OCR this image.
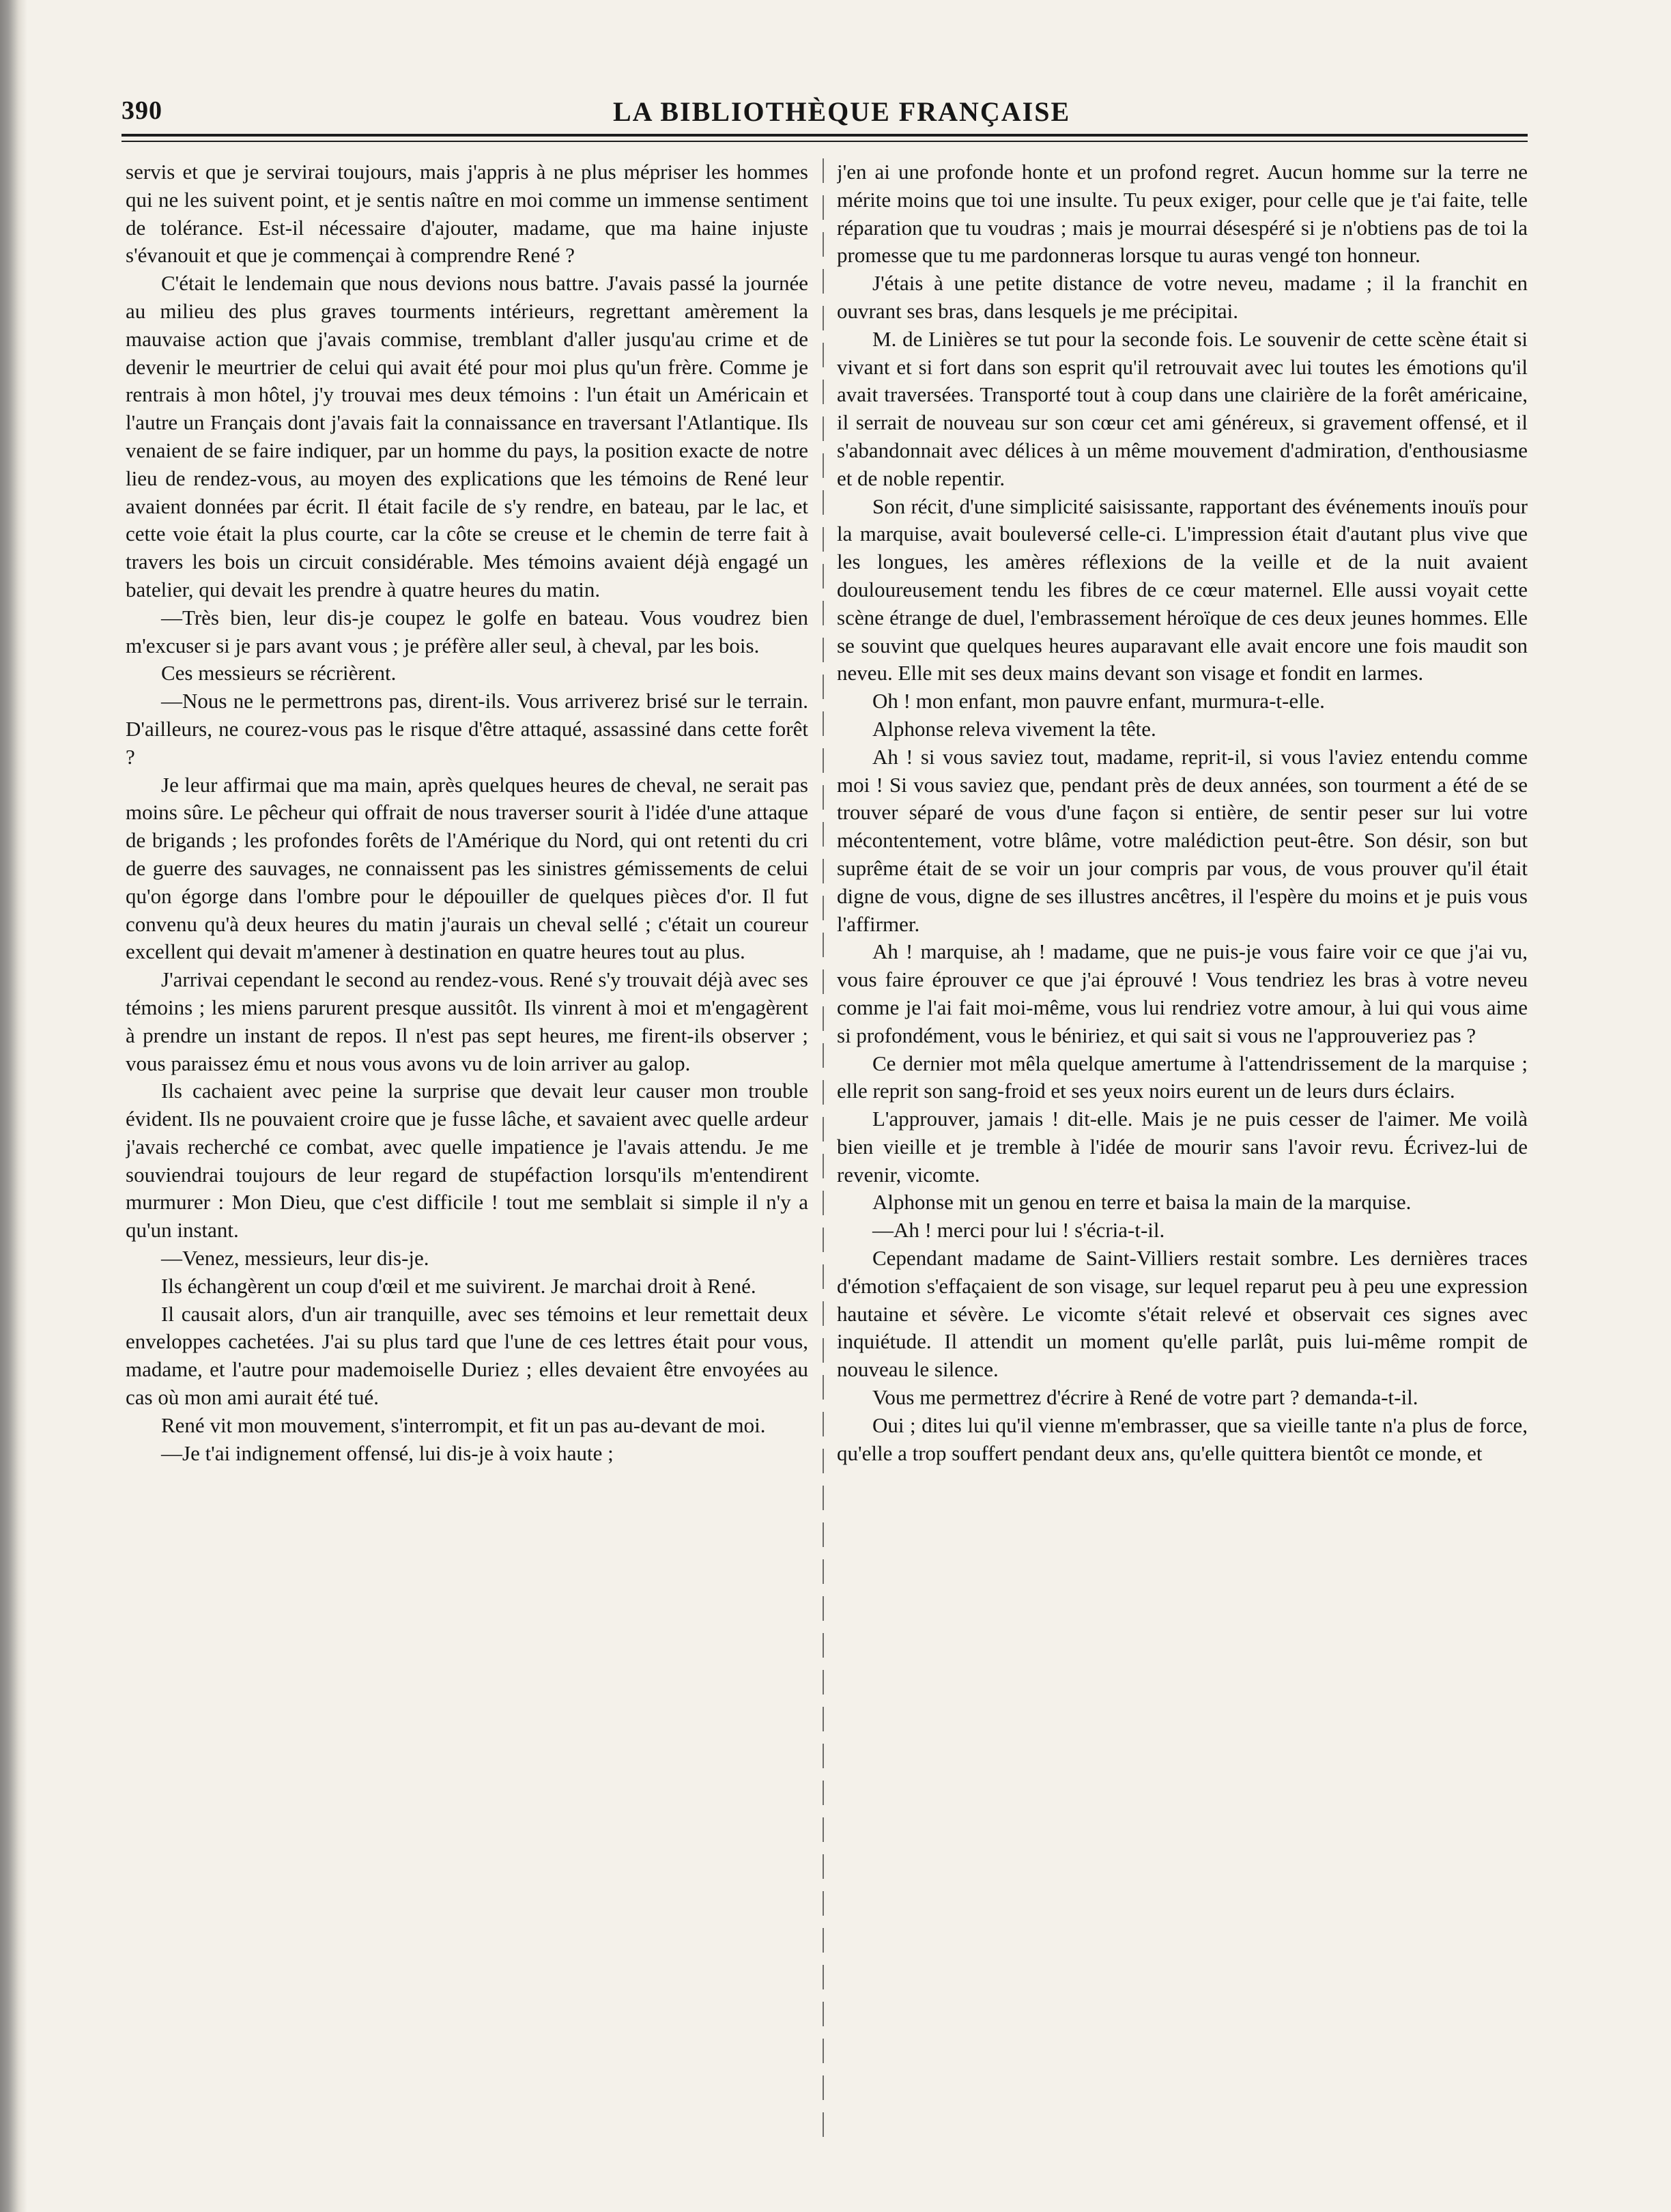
390	LA BIBLIOTHÈQUE FRANÇAISE

servis et que je servirai toujours, mais j'appris à ne plus mépriser les hommes qui ne les suivent point, et je sentis naître en moi comme un immense sentiment de tolérance. Est-il nécessaire d'ajouter, madame, que ma haine injuste s'évanouit et que je commençai à comprendre René ?

C'était le lendemain que nous devions nous battre. J'avais passé la journée au milieu des plus graves tourments intérieurs, regrettant amèrement la mauvaise action que j'avais commise, tremblant d'aller jusqu'au crime et de devenir le meurtrier de celui qui avait été pour moi plus qu'un frère. Comme je rentrais à mon hôtel, j'y trouvai mes deux témoins : l'un était un Américain et l'autre un Français dont j'avais fait la connaissance en traversant l'Atlantique. Ils venaient de se faire indiquer, par un homme du pays, la position exacte de notre lieu de rendez-vous, au moyen des explications que les témoins de René leur avaient données par écrit. Il était facile de s'y rendre, en bateau, par le lac, et cette voie était la plus courte, car la côte se creuse et le chemin de terre fait à travers les bois un circuit considérable. Mes témoins avaient déjà engagé un batelier, qui devait les prendre à quatre heures du matin.

—Très bien, leur dis-je coupez le golfe en bateau. Vous voudrez bien m'excuser si je pars avant vous ; je préfère aller seul, à cheval, par les bois.

Ces messieurs se récrièrent.

—Nous ne le permettrons pas, dirent-ils. Vous arriverez brisé sur le terrain. D'ailleurs, ne courez-vous pas le risque d'être attaqué, assassiné dans cette forêt ?

Je leur affirmai que ma main, après quelques heures de cheval, ne serait pas moins sûre. Le pêcheur qui offrait de nous traverser sourit à l'idée d'une attaque de brigands ; les profondes forêts de l'Amérique du Nord, qui ont retenti du cri de guerre des sauvages, ne connaissent pas les sinistres gémissements de celui qu'on égorge dans l'ombre pour le dépouiller de quelques pièces d'or. Il fut convenu qu'à deux heures du matin j'aurais un cheval sellé ; c'était un coureur excellent qui devait m'amener à destination en quatre heures tout au plus.

J'arrivai cependant le second au rendez-vous. René s'y trouvait déjà avec ses témoins ; les miens parurent presque aussitôt. Ils vinrent à moi et m'engagèrent à prendre un instant de repos. Il n'est pas sept heures, me firent-ils observer ; vous paraissez ému et nous vous avons vu de loin arriver au galop.

Ils cachaient avec peine la surprise que devait leur causer mon trouble évident. Ils ne pouvaient croire que je fusse lâche, et savaient avec quelle ardeur j'avais recherché ce combat, avec quelle impatience je l'avais attendu. Je me souviendrai toujours de leur regard de stupéfaction lorsqu'ils m'entendirent murmurer : Mon Dieu, que c'est difficile ! tout me semblait si simple il n'y a qu'un instant.

—Venez, messieurs, leur dis-je.

Ils échangèrent un coup d'œil et me suivirent. Je marchai droit à René.

Il causait alors, d'un air tranquille, avec ses témoins et leur remettait deux enveloppes cachetées. J'ai su plus tard que l'une de ces lettres était pour vous, madame, et l'autre pour mademoiselle Duriez ; elles devaient être envoyées au cas où mon ami aurait été tué.

René vit mon mouvement, s'interrompit, et fit un pas au-devant de moi.

—Je t'ai indignement offensé, lui dis-je à voix haute ;

j'en ai une profonde honte et un profond regret. Aucun homme sur la terre ne mérite moins que toi une insulte. Tu peux exiger, pour celle que je t'ai faite, telle réparation que tu voudras ; mais je mourrai désespéré si je n'obtiens pas de toi la promesse que tu me pardonneras lorsque tu auras vengé ton honneur.

J'étais à une petite distance de votre neveu, madame ; il la franchit en ouvrant ses bras, dans lesquels je me précipitai.

M. de Linières se tut pour la seconde fois. Le souvenir de cette scène était si vivant et si fort dans son esprit qu'il retrouvait avec lui toutes les émotions qu'il avait traversées. Transporté tout à coup dans une clairière de la forêt américaine, il serrait de nouveau sur son cœur cet ami généreux, si gravement offensé, et il s'abandonnait avec délices à un même mouvement d'admiration, d'enthousiasme et de noble repentir.

Son récit, d'une simplicité saisissante, rapportant des événements inouïs pour la marquise, avait bouleversé celle-ci. L'impression était d'autant plus vive que les longues, les amères réflexions de la veille et de la nuit avaient douloureusement tendu les fibres de ce cœur maternel. Elle aussi voyait cette scène étrange de duel, l'embrassement héroïque de ces deux jeunes hommes. Elle se souvint que quelques heures auparavant elle avait encore une fois maudit son neveu. Elle mit ses deux mains devant son visage et fondit en larmes.

Oh ! mon enfant, mon pauvre enfant, murmura-t-elle.

Alphonse releva vivement la tête.

Ah ! si vous saviez tout, madame, reprit-il, si vous l'aviez entendu comme moi ! Si vous saviez que, pendant près de deux années, son tourment a été de se trouver séparé de vous d'une façon si entière, de sentir peser sur lui votre mécontentement, votre blâme, votre malédiction peut-être. Son désir, son but suprême était de se voir un jour compris par vous, de vous prouver qu'il était digne de vous, digne de ses illustres ancêtres, il l'espère du moins et je puis vous l'affirmer.

Ah ! marquise, ah ! madame, que ne puis-je vous faire voir ce que j'ai vu, vous faire éprouver ce que j'ai éprouvé ! Vous tendriez les bras à votre neveu comme je l'ai fait moi-même, vous lui rendriez votre amour, à lui qui vous aime si profondément, vous le béniriez, et qui sait si vous ne l'approuveriez pas ?

Ce dernier mot mêla quelque amertume à l'attendrissement de la marquise ; elle reprit son sang-froid et ses yeux noirs eurent un de leurs durs éclairs.

L'approuver, jamais ! dit-elle. Mais je ne puis cesser de l'aimer. Me voilà bien vieille et je tremble à l'idée de mourir sans l'avoir revu. Écrivez-lui de revenir, vicomte.

Alphonse mit un genou en terre et baisa la main de la marquise.

—Ah ! merci pour lui ! s'écria-t-il.

Cependant madame de Saint-Villiers restait sombre. Les dernières traces d'émotion s'effaçaient de son visage, sur lequel reparut peu à peu une expression hautaine et sévère. Le vicomte s'était relevé et observait ces signes avec inquiétude. Il attendit un moment qu'elle parlât, puis lui-même rompit de nouveau le silence.

Vous me permettrez d'écrire à René de votre part ? demanda-t-il.

Oui ; dites lui qu'il vienne m'embrasser, que sa vieille tante n'a plus de force, qu'elle a trop souffert pendant deux ans, qu'elle quittera bientôt ce monde, et
